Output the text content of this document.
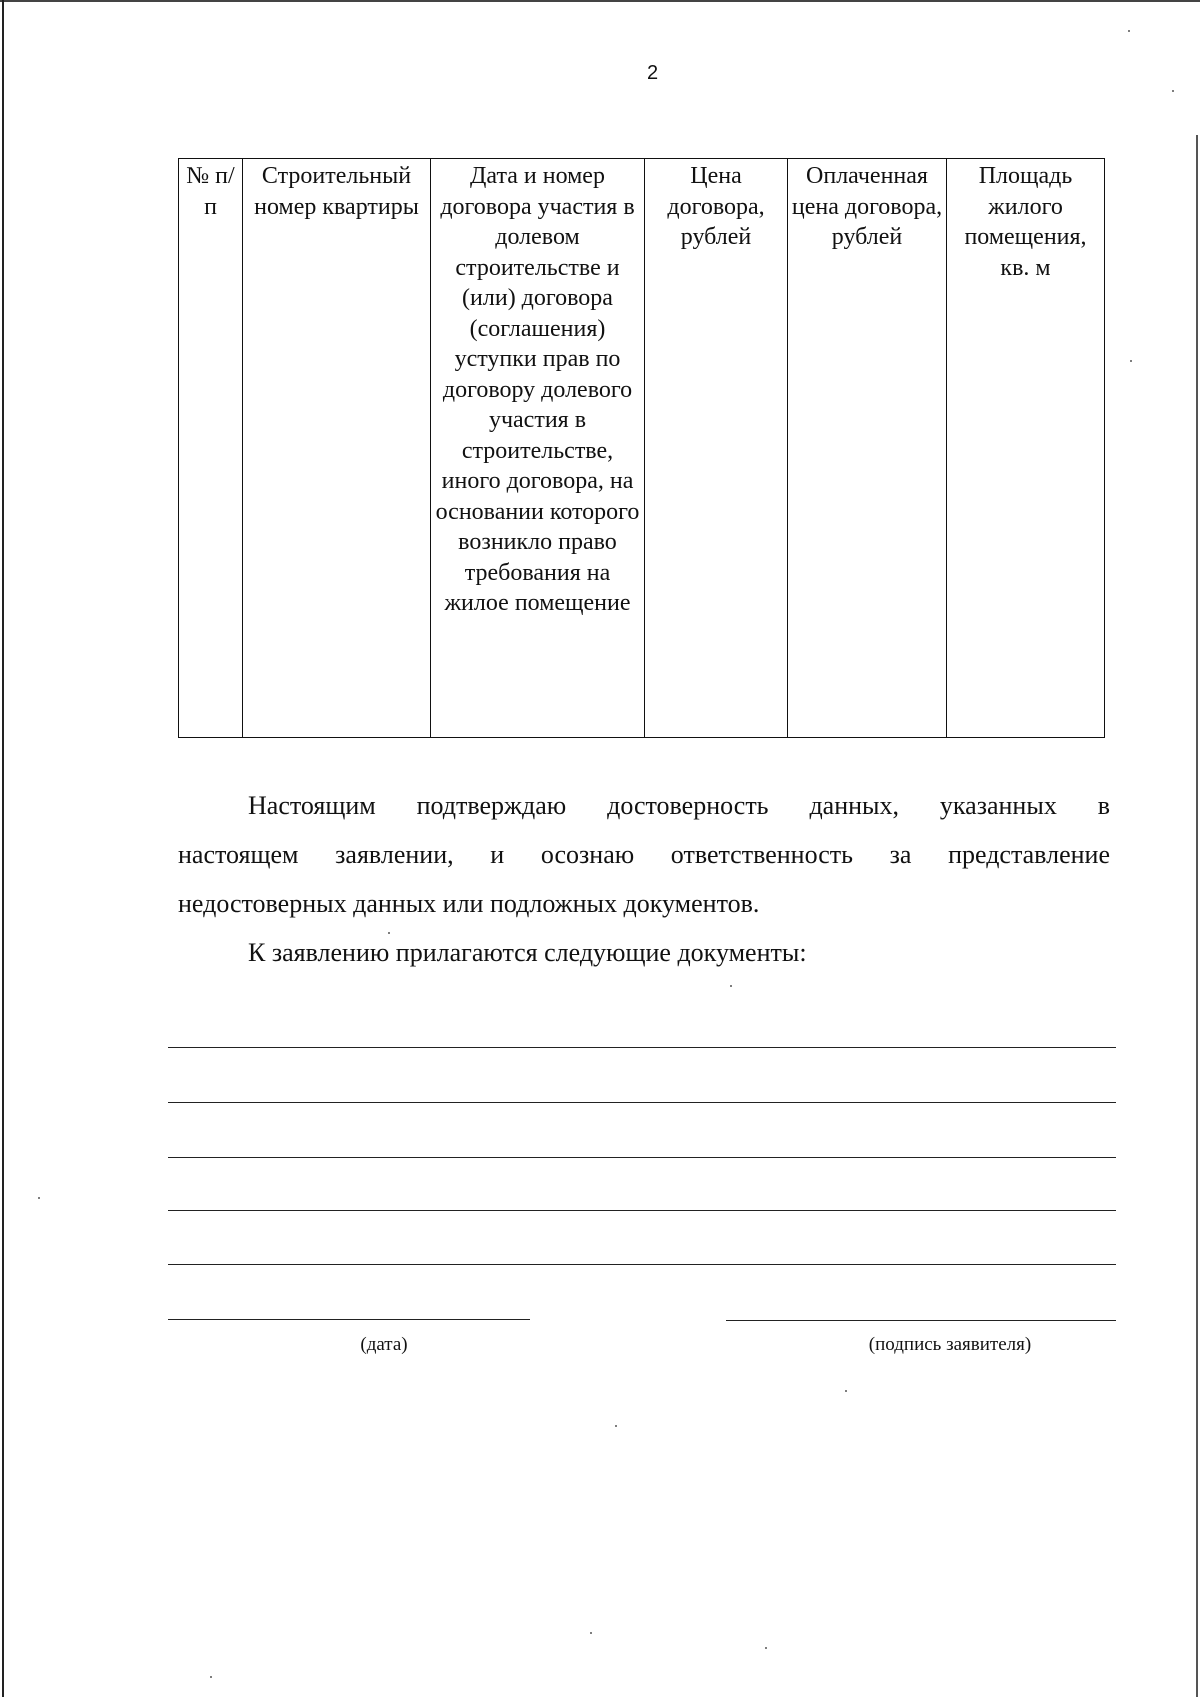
2
№ п/п	Строительный номер квартиры	Дата и номер договора участия в долевом строительстве и (или) договора (соглашения) уступки прав по договору долевого участия в строительстве, иного договора, на основании которого возникло право требования на жилое помещение	Цена договора, рублей	Оплаченная цена договора, рублей	Площадь жилого помещения, кв. м
Настоящим подтверждаю достоверность данных, указанных в
настоящем заявлении, и осознаю ответственность за представление
недостоверных данных или подложных документов.
К заявлению прилагаются следующие документы:
(дата)	(подпись заявителя)
